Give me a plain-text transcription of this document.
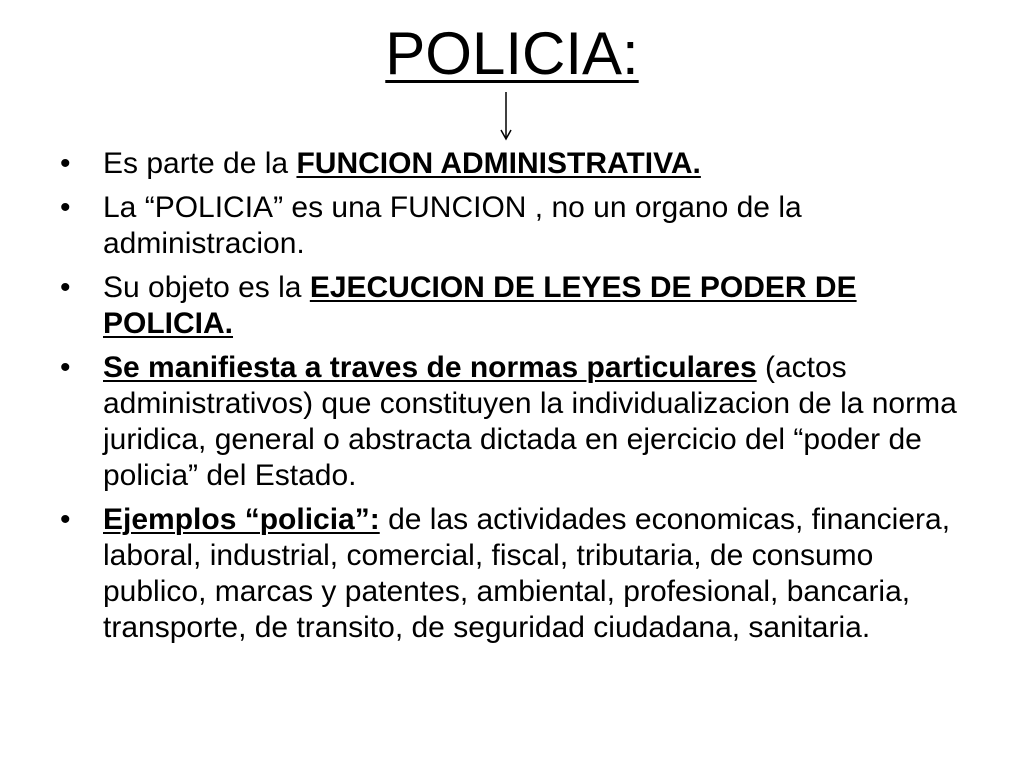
POLICIA:
• Es parte de la FUNCION ADMINISTRATIVA.
• La “POLICIA” es una FUNCION , no un organo de la administracion.
• Su objeto es la EJECUCION DE LEYES DE PODER DE POLICIA.
• Se manifiesta a traves de normas particulares (actos administrativos) que constituyen la individualizacion de la norma juridica, general o abstracta dictada en ejercicio del “poder de policia” del Estado.
• Ejemplos “policia”: de las actividades economicas, financiera, laboral, industrial, comercial, fiscal, tributaria, de consumo publico, marcas y patentes, ambiental, profesional, bancaria, transporte, de transito, de seguridad ciudadana, sanitaria.
